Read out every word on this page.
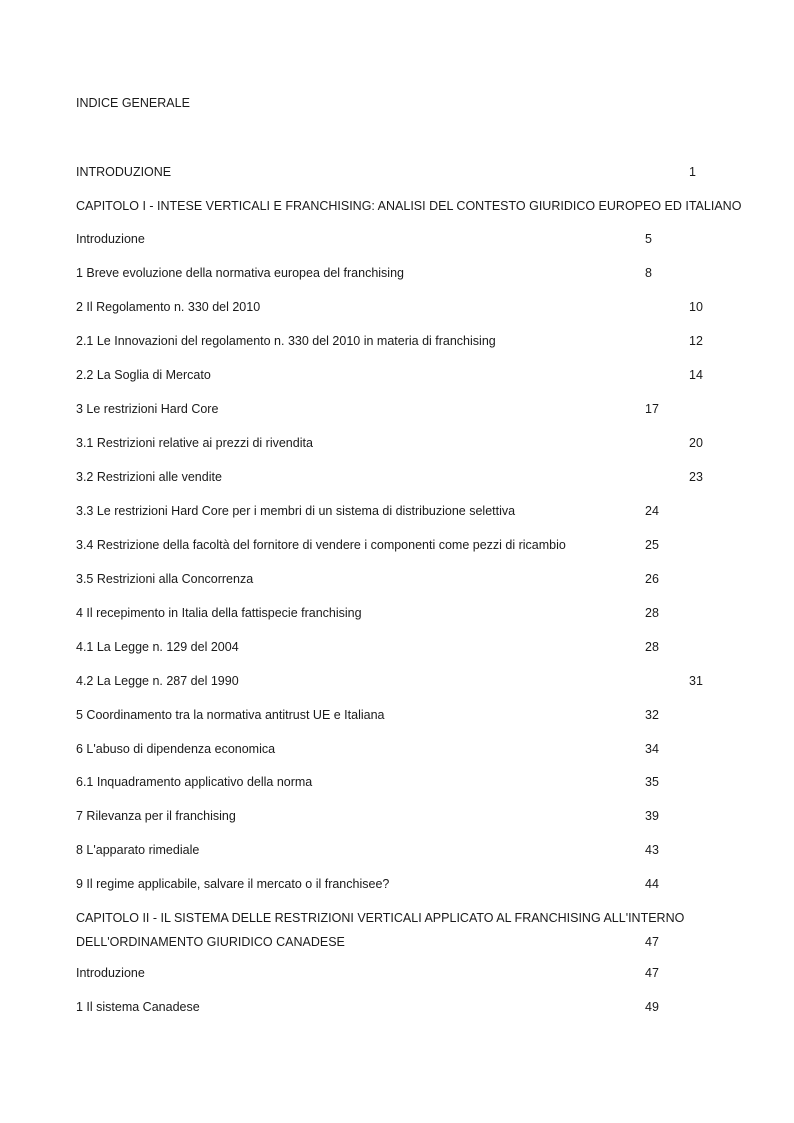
INDICE GENERALE
INTRODUZIONE	1
CAPITOLO I - INTESE VERTICALI E FRANCHISING: ANALISI DEL CONTESTO GIURIDICO EUROPEO ED ITALIANO
Introduzione	5
1 Breve evoluzione della normativa europea del franchising	8
2 Il Regolamento n. 330 del 2010	10
2.1 Le Innovazioni del regolamento n. 330 del 2010 in materia di franchising	12
2.2 La Soglia di Mercato	14
3 Le restrizioni Hard Core	17
3.1 Restrizioni relative ai prezzi di rivendita	20
3.2 Restrizioni alle vendite	23
3.3 Le restrizioni Hard Core per i membri di un sistema di distribuzione selettiva	24
3.4 Restrizione della facoltà del fornitore di vendere i componenti come pezzi di ricambio	25
3.5 Restrizioni alla Concorrenza	26
4 Il recepimento in Italia della fattispecie franchising	28
4.1 La Legge n. 129 del 2004	28
4.2 La Legge n. 287 del 1990	31
5 Coordinamento tra la normativa antitrust UE e Italiana	32
6 L'abuso di dipendenza economica	34
6.1 Inquadramento applicativo della norma	35
7 Rilevanza per il franchising	39
8 L'apparato rimediale	43
9 Il regime applicabile, salvare il mercato o il franchisee?	44
CAPITOLO II - IL SISTEMA DELLE RESTRIZIONI VERTICALI APPLICATO AL FRANCHISING ALL'INTERNO
DELL'ORDINAMENTO GIURIDICO CANADESE	47
Introduzione	47
1 Il sistema Canadese	49
